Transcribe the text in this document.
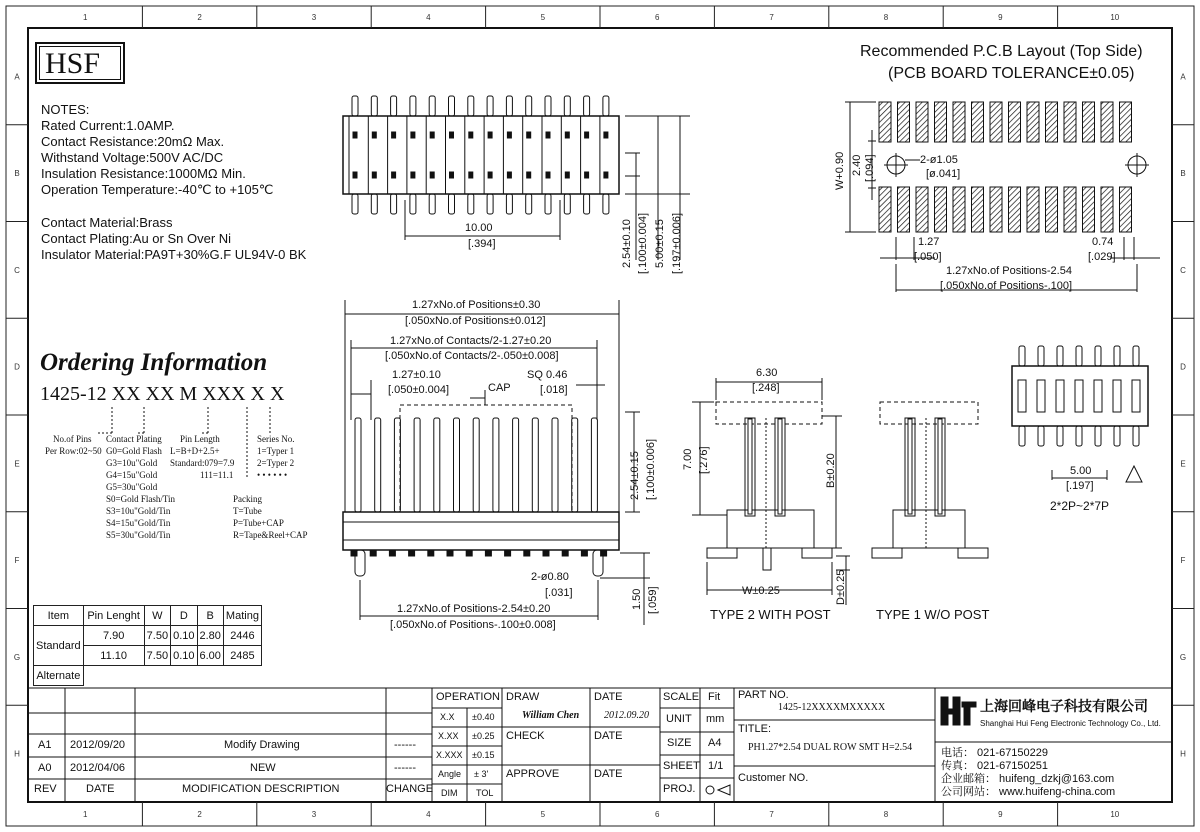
1
1
2
2
3
3
4
4
5
5
6
6
7
7
8
8
9
9
10
10
A	A
B	B
C	C
D	D
E	E
F	F
G	G
H	H
HSF	Recommended P.C.B Layout (Top Side)
(PCB BOARD TOLERANCE±0.05)
NOTES:
Rated Current:1.0AMP.
Contact Resistance:20mΩ Max.
Withstand Voltage:500V AC/DC
Insulation Resistance:1000MΩ Min.
Operation Temperature:-40℃ to +105℃
Contact Material:Brass
Contact Plating:Au or Sn Over Ni
Insulator Material:PA9T+30%G.F UL94V-0 BK
Ordering Information
1425-12 XX XX M XXX X X
No.of Pins
Per Row:02~50
Contact Plating
G0=Gold Flash
G3=10u"Gold
G4=15u"Gold
G5=30u"Gold
S0=Gold Flash/Tin
S3=10u"Gold/Tin
S4=15u"Gold/Tin
S5=30u"Gold/Tin
Pin Length
L=B+D+2.5+
Standard:079=7.9
111=11.1
Series No.
1=Typer 1
2=Typer 2
• • • • • •
Packing
T=Tube
P=Tube+CAP
R=Tape&Reel+CAP
Item	Pin Lenght	W	D	B	Mating
Standard	7.90	7.50	0.10	2.80	2446
	11.10	7.50	0.10	6.00	2485
Alternate					
10.00
[.394]	2.54±0.10 [.100±0.004] 5.00±0.15 [.197±0.006]
W+0.90 2.40 [.094]	2-ø1.05
[ø.041]
1.27
[.050]
0.74
[.029]
1.27xNo.of Positions-2.54
[.050xNo.of Positions-.100]
1.27xNo.of Positions±0.30
[.050xNo.of Positions±0.012]
1.27xNo.of Contacts/2-1.27±0.20
[.050xNo.of Contacts/2-.050±0.008]
1.27±0.10
[.050±0.004]	CAP
SQ 0.46
[.018]
2.54±0.15 [.100±0.006]
2-ø0.80
[.031]	1.50 [.059]
1.27xNo.of Positions-2.54±0.20
[.050xNo.of Positions-.100±0.008]
6.30
[.248]
7.00 [.276]	B±0.20
W±0.25	D±0.25
TYPE 2 WITH POST	TYPE 1 W/O POST
5.00
[.197]
2*2P~2*7P
A1 2012/09/20	Modify Drawing	------
A0 2012/04/06	NEW	------
REV	DATE	MODIFICATION DESCRIPTION	CHANGE
OPERATION
X.X ±0.40
X.XX ±0.25
X.XXX ±0.15
Angle ± 3'
DIM TOL
DRAW
William Chen
DATE
2012.09.20
CHECK	DATE
APPROVE	DATE
SCALE Fit
UNIT mm
SIZE A4
SHEET 1/1
PROJ.
PART NO.
1425-12XXXXMXXXXX
TITLE:
PH1.27*2.54 DUAL ROW SMT H=2.54
Customer NO.
上海回峰电子科技有限公司
Shanghai Hui Feng Electronic Technology Co., Ltd.
电话： 021-67150229
传真： 021-67150251
企业邮箱： huifeng_dzkj@163.com
公司网站： www.huifeng-china.com
